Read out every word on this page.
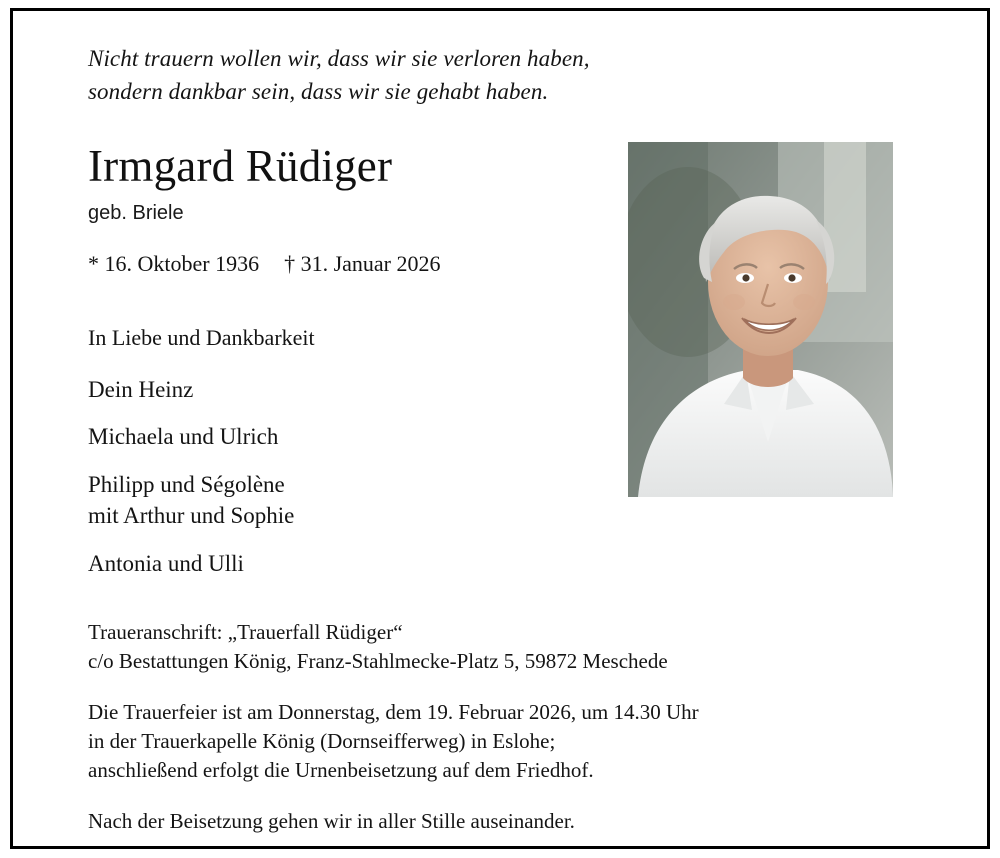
Nicht trauern wollen wir, dass wir sie verloren haben,
sondern dankbar sein, dass wir sie gehabt haben.
Irmgard Rüdiger
geb. Briele
* 16. Oktober 1936 † 31. Januar 2026
In Liebe und Dankbarkeit
Dein Heinz
Michaela und Ulrich
Philipp und Ségolène
mit Arthur und Sophie
Antonia und Ulli
Traueranschrift: „Trauerfall Rüdiger“
c/o Bestattungen König, Franz-Stahlmecke-Platz 5, 59872 Meschede
Die Trauerfeier ist am Donnerstag, dem 19. Februar 2026, um 14.30 Uhr
in der Trauerkapelle König (Dornseifferweg) in Eslohe;
anschließend erfolgt die Urnenbeisetzung auf dem Friedhof.
Nach der Beisetzung gehen wir in aller Stille auseinander.
